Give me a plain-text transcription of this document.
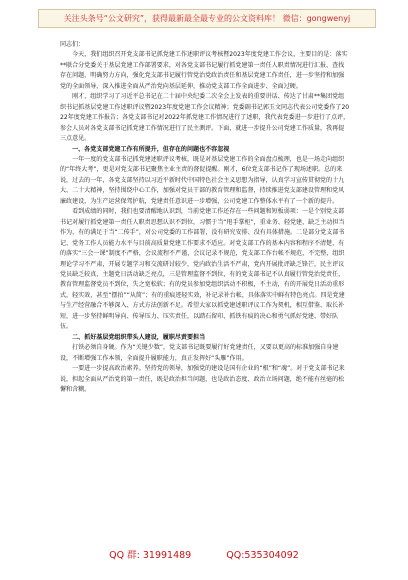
关注头条号“公文研究”，获得最新最全最专业的公文资料库！ 微信：gongwenyj

同志们：

今天，我们组织召开党支部书记抓党建工作述职评议考核暨2023年度党建工作会议，主要目的是：落实**联合分党委关于基层党建工作部署要求，对各党支部书记履行抓党建第一责任人职责情况进行汇报、查找存在问题，明确努力方向，强化党支部书记履行管党治党政治责任和基层党建工作责任，进一步坚持和加强党的全面领导，深入推进全面从严治党向基层延伸，推动党支部工作全面进步、全面过硬。

刚才，组织学习了习近平总书记在二十届中央纪委二次全会上发表的重要讲话、传达了甘肃**集团党组织书记抓基层党建工作述职评议暨2023年度党建工作会议精神；党委副书记郭玉文同志代表公司党委作了2022年度党建工作报告；各党支部书记对2022年抓党建工作情况进行了述职，我代表党委进一步进行了点评，参会人员对各党支部书记抓党建工作情况进行了民主测评。下面，就进一步提升公司党建工作质量，我再提三点意见。

一、各党支部党建工作有所提升，但存在的问题也不容忽视

一年一度的党支部书记抓党建述职评议考核，既是对基层党建工作的全面盘点梳理，也是一场走向组织的“年终大考”，更是对党支部书记聚焦主业主责的督促提醒。刚才，6位党支部书记作了现场述职。总的来说，过去的一年，各党支部坚持以习近平新时代中国特色社会主义思想为指导，认真学习宣传贯彻党的十九大、二十大精神，坚持围绕中心工作，加强对党员干部的教育管理和监督，持续推进党支部建设管理和党风廉政建设，为生产运营保驾护航，党建责任意识进一步增强，公司党建工作整体水平有了一个新的提升。

看到成绩的同时，我们也要清醒地认识到，当前党建工作还存在一些问题和短板弱项：一是个别党支部书记对履行抓党建第一责任人职责思想认识不到位，习惯于当“甩手掌柜”，重业务、轻党建，缺乏主动担当作为，有的满足于当“二传手”，对公司党委的工作部署，没有研究安排、没有具体措施。二是部分党支部书记、党务工作人员能力水平与目前高质量党建工作要求不适应。对党支部工作的基本内容和程序不清楚，有的落实“三会一课”制度不严格，会议流程不严谨，会议记录不规范，党支部工作台帐不规范，不完整，组织理论学习不严肃，开展专题学习和交流研讨较少，党内政治生活不严肃，党内开展批评缺乏锋芒，民主评议党员缺乏较真，主题党日活动缺乏亮点，三是管理监督不到位，有的党支部书记不认真履行管党治党责任，教育管理监督党员不到位，失之宽松软；有的党员参加党组织活动不积极，不主动，有的开展党日活动重形式，轻实效，甚至“摆拍”“从简”；有的重痕迹轻实效，补记录补台帐，具体落实中鲜有特色亮点。四是党建与生产经营融合不够深入、方式方法创新不足。希望大家以抓党建述职评议工作为契机，相互借鉴、取长补短，进一步坚持鲜明导向、传导压力、压实责任，以踏石留印、抓铁有痕的决心和勇气抓好党建、带好队伍。

二、抓好基层党组织带头人建设，履职尽责要担当

打铁必须自身硬。作为“关键少数”，党支部书记既要履行好党建责任，又要以更高的标准加强自身建设，不断增强工作本领，全面提升履职能力，真正发挥好“头雁”作用。

一要进一步提高政治素养。坚持党的领导，加强党的建设是国有企业的“根”和“魂”。对于党支部书记来说，担起全面从严治党的第一责任，既是政治担当问题，也是政治态度、政治立场问题，绝不能有丝毫的松懈和含糊。

QQ 群: 31991489	QQ:535304092
